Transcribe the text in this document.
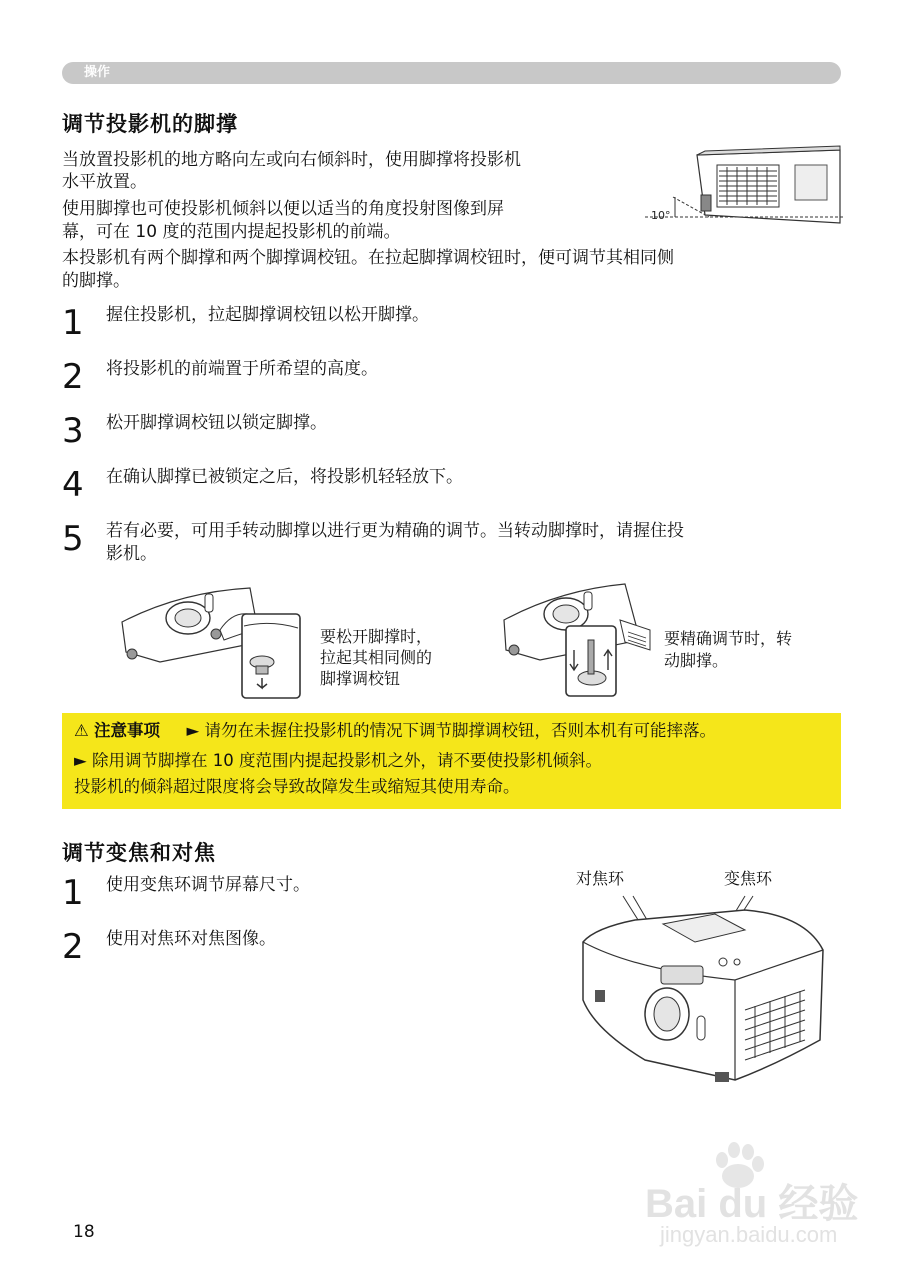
操作
调节投影机的脚撑
当放置投影机的地方略向左或向右倾斜时，使用脚撑将投影机
水平放置。
使用脚撑也可使投影机倾斜以便以适当的角度投射图像到屏
幕，可在 10 度的范围内提起投影机的前端。
本投影机有两个脚撑和两个脚撑调校钮。在拉起脚撑调校钮时，便可调节其相同侧
的脚撑。
10°
1 握住投影机，拉起脚撑调校钮以松开脚撑。
2 将投影机的前端置于所希望的高度。
3 松开脚撑调校钮以锁定脚撑。
4 在确认脚撑已被锁定之后，将投影机轻轻放下。
5 若有必要，可用手转动脚撑以进行更为精确的调节。当转动脚撑时，请握住投
影机。
要松开脚撑时，
拉起其相同侧的
脚撑调校钮
要精确调节时，转
动脚撑。
⚠ 注意事项 ► 请勿在未握住投影机的情况下调节脚撑调校钮，否则本机有可能摔落。
► 除用调节脚撑在 10 度范围内提起投影机之外，请不要使投影机倾斜。
投影机的倾斜超过限度将会导致故障发生或缩短其使用寿命。
调节变焦和对焦
1 使用变焦环调节屏幕尺寸。
2 使用对焦环对焦图像。
对焦环	变焦环
Bai du 经验
jingyan.baidu.com
18
